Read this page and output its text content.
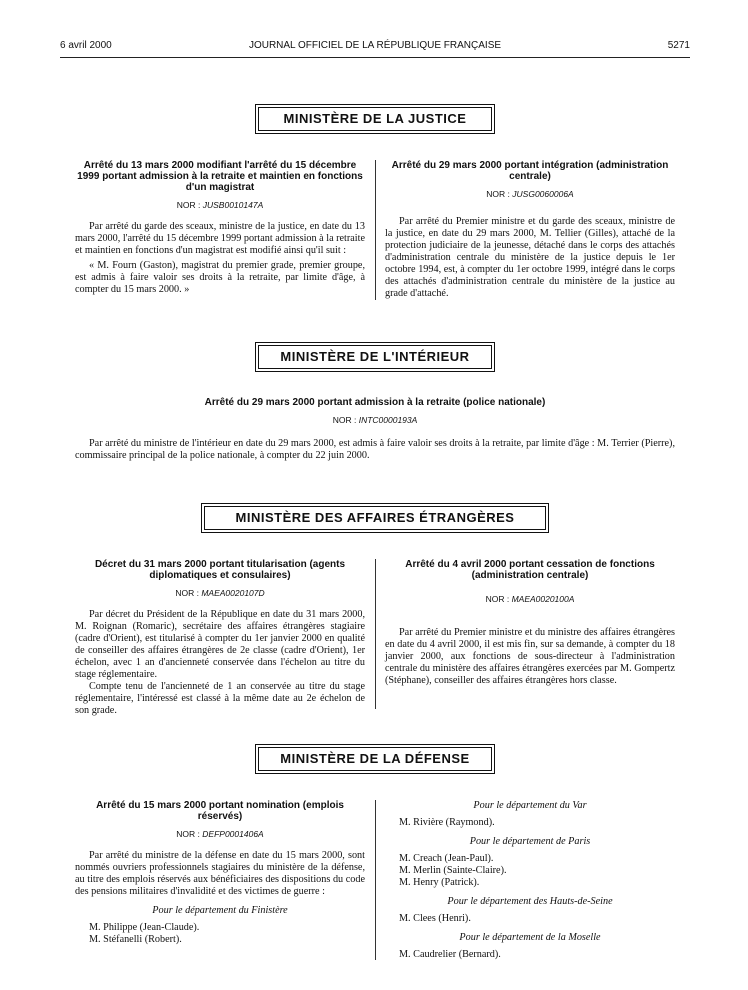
6 avril 2000	JOURNAL OFFICIEL DE LA RÉPUBLIQUE FRANÇAISE	5271
MINISTÈRE DE LA JUSTICE
Arrêté du 13 mars 2000 modifiant l'arrêté du 15 décembre 1999 portant admission à la retraite et maintien en fonctions d'un magistrat
NOR : JUSB0010147A

Par arrêté du garde des sceaux, ministre de la justice, en date du 13 mars 2000, l'arrêté du 15 décembre 1999 portant admission à la retraite et maintien en fonctions d'un magistrat est modifié ainsi qu'il suit :

« M. Fourn (Gaston), magistrat du premier grade, premier groupe, est admis à faire valoir ses droits à la retraite, par limite d'âge, à compter du 15 mars 2000. »

Arrêté du 29 mars 2000 portant intégration (administration centrale)
NOR : JUSG0060006A

Par arrêté du Premier ministre et du garde des sceaux, ministre de la justice, en date du 29 mars 2000, M. Tellier (Gilles), attaché de la protection judiciaire de la jeunesse, détaché dans le corps des attachés d'administration centrale du ministère de la justice depuis le 1er octobre 1994, est, à compter du 1er octobre 1999, intégré dans le corps des attachés d'administration centrale du ministère de la justice au grade d'attaché.

MINISTÈRE DE L'INTÉRIEUR
Arrêté du 29 mars 2000 portant admission à la retraite (police nationale)
NOR : INTC0000193A

Par arrêté du ministre de l'intérieur en date du 29 mars 2000, est admis à faire valoir ses droits à la retraite, par limite d'âge : M. Terrier (Pierre), commissaire principal de la police nationale, à compter du 22 juin 2000.

MINISTÈRE DES AFFAIRES ÉTRANGÈRES
Décret du 31 mars 2000 portant titularisation (agents diplomatiques et consulaires)
NOR : MAEA0020107D

Par décret du Président de la République en date du 31 mars 2000, M. Roignan (Romaric), secrétaire des affaires étrangères stagiaire (cadre d'Orient), est titularisé à compter du 1er janvier 2000 en qualité de conseiller des affaires étrangères de 2e classe (cadre d'Orient), 1er échelon, avec 1 an d'ancienneté conservée dans l'échelon au titre du stage réglementaire.

Compte tenu de l'ancienneté de 1 an conservée au titre du stage réglementaire, l'intéressé est classé à la même date au 2e échelon de son grade.

Arrêté du 4 avril 2000 portant cessation de fonctions (administration centrale)
NOR : MAEA0020100A

Par arrêté du Premier ministre et du ministre des affaires étrangères en date du 4 avril 2000, il est mis fin, sur sa demande, à compter du 18 janvier 2000, aux fonctions de sous-directeur à l'administration centrale du ministère des affaires étrangères exercées par M. Gompertz (Stéphane), conseiller des affaires étrangères hors classe.

MINISTÈRE DE LA DÉFENSE
Arrêté du 15 mars 2000 portant nomination (emplois réservés)
NOR : DEFP0001406A

Par arrêté du ministre de la défense en date du 15 mars 2000, sont nommés ouvriers professionnels stagiaires du ministère de la défense, au titre des emplois réservés aux bénéficiaires des dispositions du code des pensions militaires d'invalidité et des victimes de guerre :

Pour le département du Finistère

M. Philippe (Jean-Claude).

M. Stéfanelli (Robert).

Pour le département du Var

M. Rivière (Raymond).

Pour le département de Paris

M. Creach (Jean-Paul).

M. Merlin (Sainte-Claire).

M. Henry (Patrick).

Pour le département des Hauts-de-Seine

M. Clees (Henri).

Pour le département de la Moselle

M. Caudrelier (Bernard).
